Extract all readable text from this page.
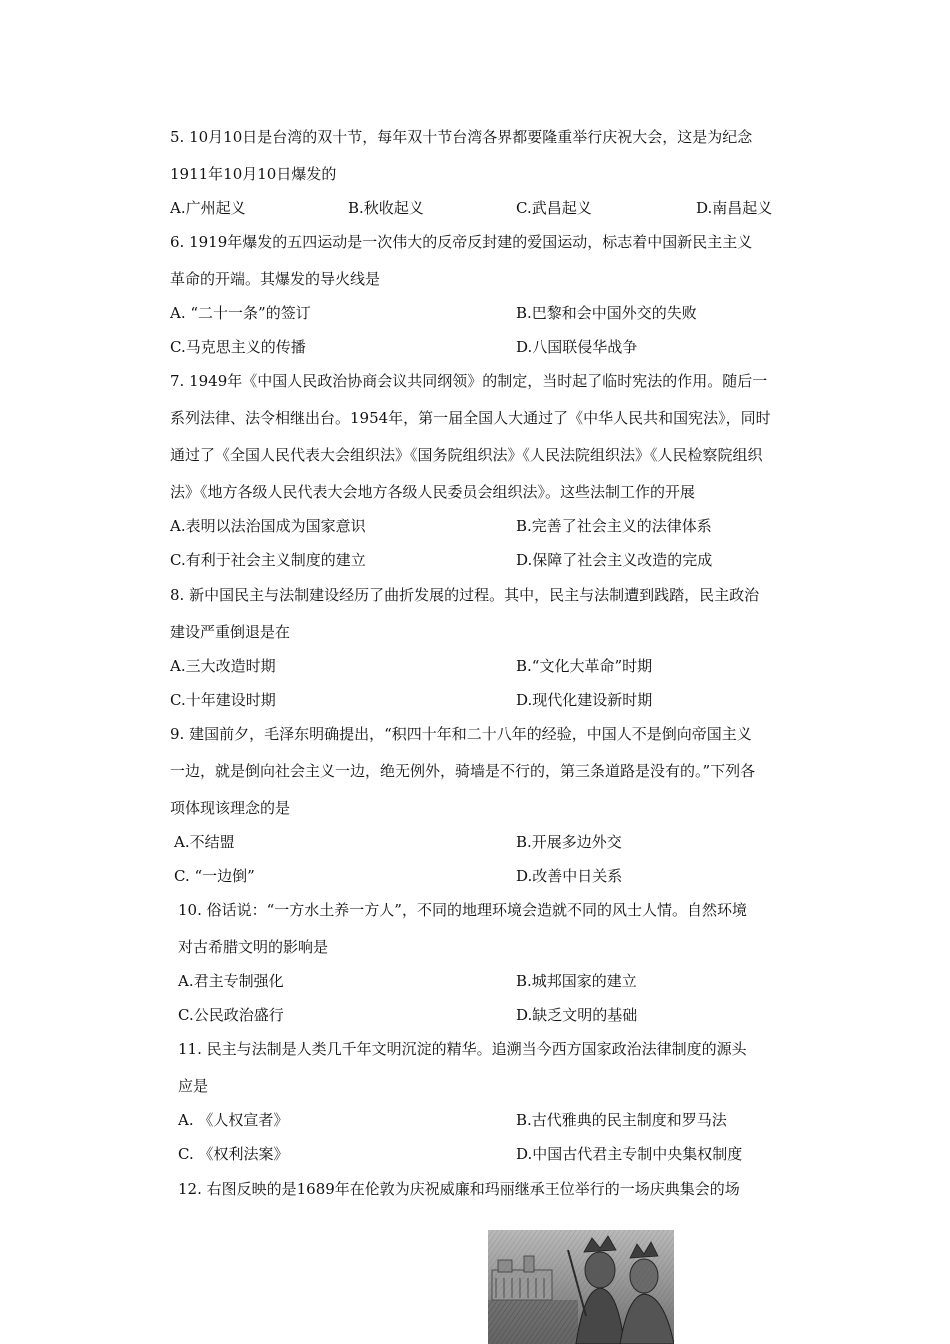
5. 10月10日是台湾的双十节，每年双十节台湾各界都要隆重举行庆祝大会，这是为纪念
1911年10月10日爆发的
A.广州起义	B.秋收起义	C.武昌起义	D.南昌起义
6. 1919年爆发的五四运动是一次伟大的反帝反封建的爱国运动，标志着中国新民主主义
革命的开端。其爆发的导火线是
A. “二十一条”的签订	B.巴黎和会中国外交的失败
C.马克思主义的传播	D.八国联侵华战争
7. 1949年《中国人民政治协商会议共同纲领》的制定，当时起了临时宪法的作用。随后一
系列法律、法令相继出台。1954年，第一届全国人大通过了《中华人民共和国宪法》，同时
通过了《全国人民代表大会组织法》《国务院组织法》《人民法院组织法》《人民检察院组织
法》《地方各级人民代表大会地方各级人民委员会组织法》。这些法制工作的开展
A.表明以法治国成为国家意识	B.完善了社会主义的法律体系
C.有利于社会主义制度的建立	D.保障了社会主义改造的完成
8. 新中国民主与法制建设经历了曲折发展的过程。其中，民主与法制遭到践踏，民主政治
建设严重倒退是在
A.三大改造时期	B.“文化大革命”时期
C.十年建设时期	D.现代化建设新时期
9. 建国前夕，毛泽东明确提出，“积四十年和二十八年的经验，中国人不是倒向帝国主义
一边，就是倒向社会主义一边，绝无例外，骑墙是不行的，第三条道路是没有的。”下列各
项体现该理念的是
A.不结盟	B.开展多边外交
C. “一边倒”	D.改善中日关系
10. 俗话说：“一方水土养一方人”，不同的地理环境会造就不同的风士人情。自然环境
对古希腊文明的影响是
A.君主专制强化	B.城邦国家的建立
C.公民政治盛行	D.缺乏文明的基础
11. 民主与法制是人类几千年文明沉淀的精华。追溯当今西方国家政治法律制度的源头
应是
A. 《人权宣者》	B.古代雅典的民主制度和罗马法
C. 《权利法案》	D.中国古代君主专制中央集权制度
12. 右图反映的是1689年在伦敦为庆祝威廉和玛丽继承王位举行的一场庆典集会的场
